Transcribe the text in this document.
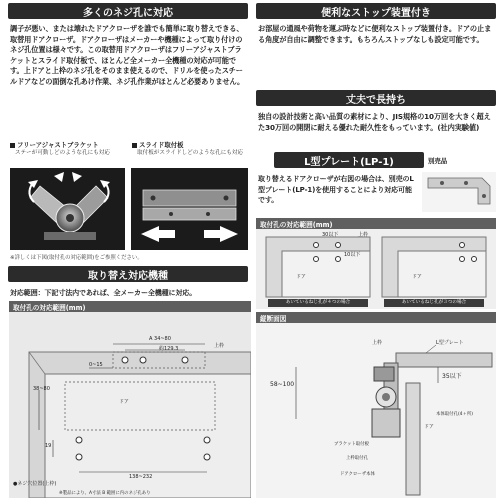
多くのネジ孔に対応
調子が悪い、または壊れたドアクローザを誰でも簡単に取り替えできる、取替用ドアクローザ。ドアクローザはメーカーや機種によって取り付けのネジ孔位置は様々です。この取替用ドアクローザはフリーアジャストブラケットとスライド取付板で、ほとんど全メーカー全機種の対応が可能です。上ドアと上枠のネジ孔をそのまま使えるので、ドリルを使ったスチールドアなどの面倒な孔あけ作業、ネジ孔作業がほとんど必要ありません。
フリーアジャストブラケット
ステーが可動しどのような孔にも対応
スライド取付板
取付板がスライドしどのような孔にも対応
※詳しくは下図(取付孔の対応範囲)をご参照ください。
取り替え対応機種
対応範囲：下記寸法内であれば、全メーカー全機種に対応。
取付孔の対応範囲(mm)
A 34~80
約129.3	上枠
0~15
38~80
ドア
19
138~232
●ネジ穴位置(上枠)
※製品により、A寸法 B 範囲に内のネジ孔あり
便利なストップ装置付き
お部屋の通風や荷物を運ぶ時などに便利なストップ装置付き。ドアの止まる角度が自由に調整できます。もちろんストップなしも設定可能です。
丈夫で長持ち
独自の設計技術と高い品質の素材により、JIS規格の10万回を大きく超えた30万回の開閉に耐える優れた耐久性をもっています。(社内実験値)
L型プレート(LP-1)	別売品
取り替えるドアクローザが右図の場合は、別売のL型プレート(LP-1)を使用することにより対応可能です。
取付孔の対応範囲(mm)
30以下
10以下
ドア
上枠
ドア
あいているねじ孔が４つの場合	あいているねじ孔が３つの場合
縦断面図
上枠	L型プレート
58~100
35以下
ドア
本体取付孔(4ヶ所)
ブラケット取付板
上枠取付孔
ドアクローザ本体
